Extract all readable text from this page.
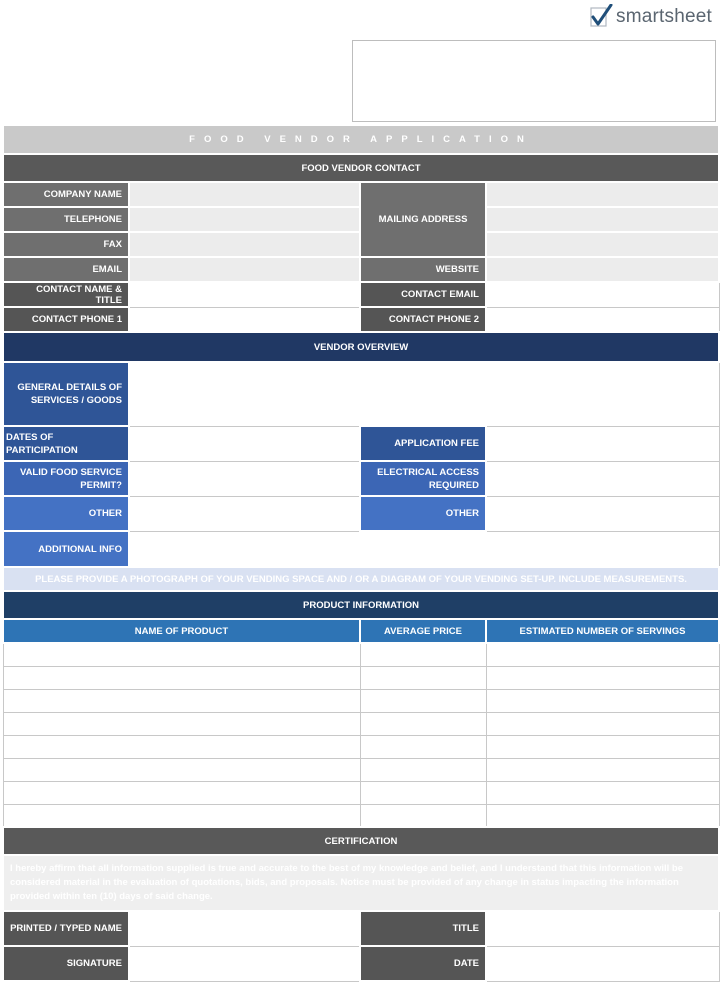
smartsheet
FOOD VENDOR APPLICATION			
FOOD VENDOR CONTACT			
COMPANY NAME		MAILING ADDRESS	
TELEPHONE			
FAX			
EMAIL		WEBSITE	
CONTACT NAME & TITLE		CONTACT EMAIL	
CONTACT PHONE 1		CONTACT PHONE 2	
VENDOR OVERVIEW			
GENERAL DETAILS OF SERVICES / GOODS			
DATES OF PARTICIPATION		APPLICATION FEE	
VALID FOOD SERVICE PERMIT?		ELECTRICAL ACCESS REQUIRED	
OTHER		OTHER	
ADDITIONAL INFO			
PLEASE PROVIDE A PHOTOGRAPH OF YOUR VENDING SPACE AND / OR A DIAGRAM OF YOUR VENDING SET-UP. INCLUDE MEASUREMENTS.			
PRODUCT INFORMATION			
NAME OF PRODUCT		AVERAGE PRICE	ESTIMATED NUMBER OF SERVINGS

CERTIFICATION			
I hereby affirm that all information supplied is true and accurate to the best of my knowledge and belief, and I understand that this information will be considered material in the evaluation of quotations, bids, and proposals. Notice must be provided of any change in status impacting the information provided within ten (10) days of said change.			
PRINTED / TYPED NAME		TITLE	
SIGNATURE		DATE	
